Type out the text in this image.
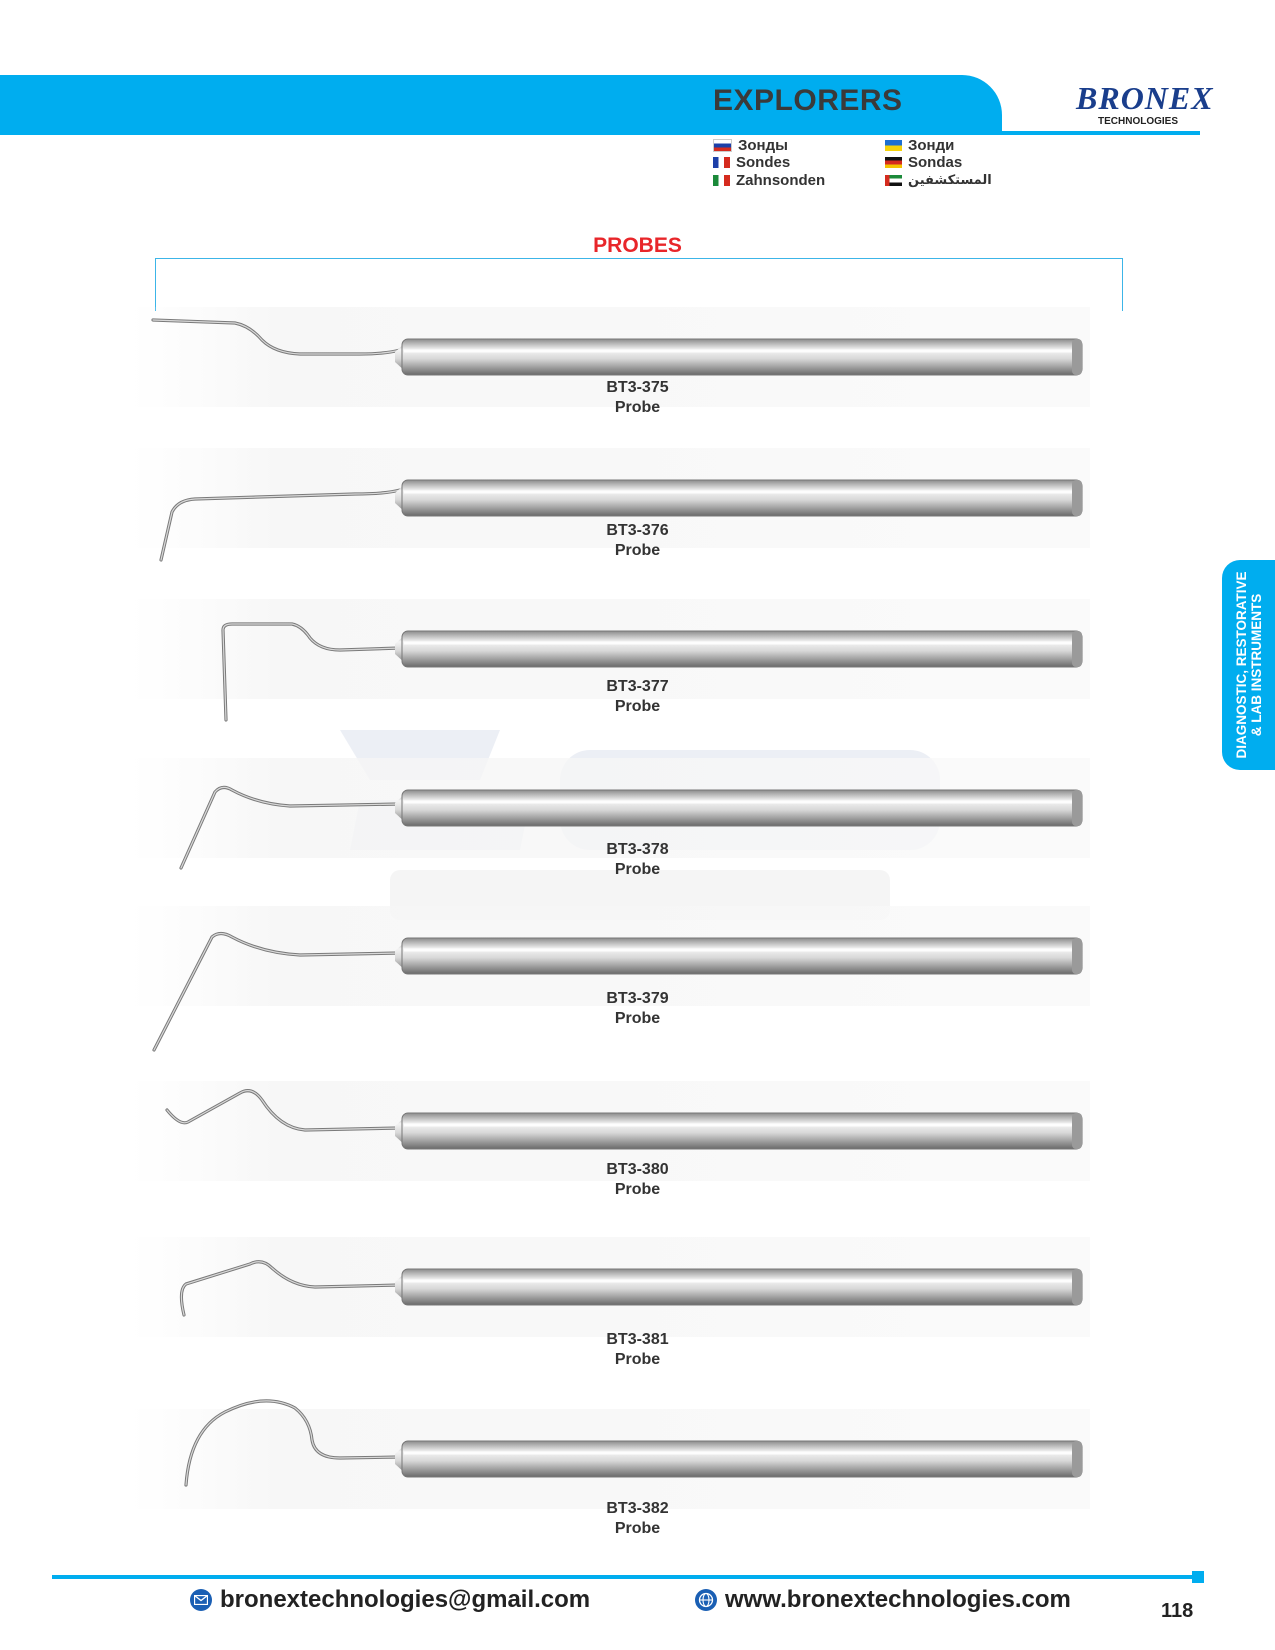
EXPLORERS	BRONEX
TECHNOLOGIES
Зонды
Sondes
Zahnsonden
Зонди
Sondas
المستكشفين
PROBES
DIAGNOSTIC, RESTORATIVE & LAB INSTRUMENTS
BT3-375
Probe
BT3-376
Probe
BT3-377
Probe
BT3-378
Probe
BT3-379
Probe
BT3-380
Probe
BT3-381
Probe
BT3-382
Probe
bronextechnologies@gmail.com	www.bronextechnologies.com	118
